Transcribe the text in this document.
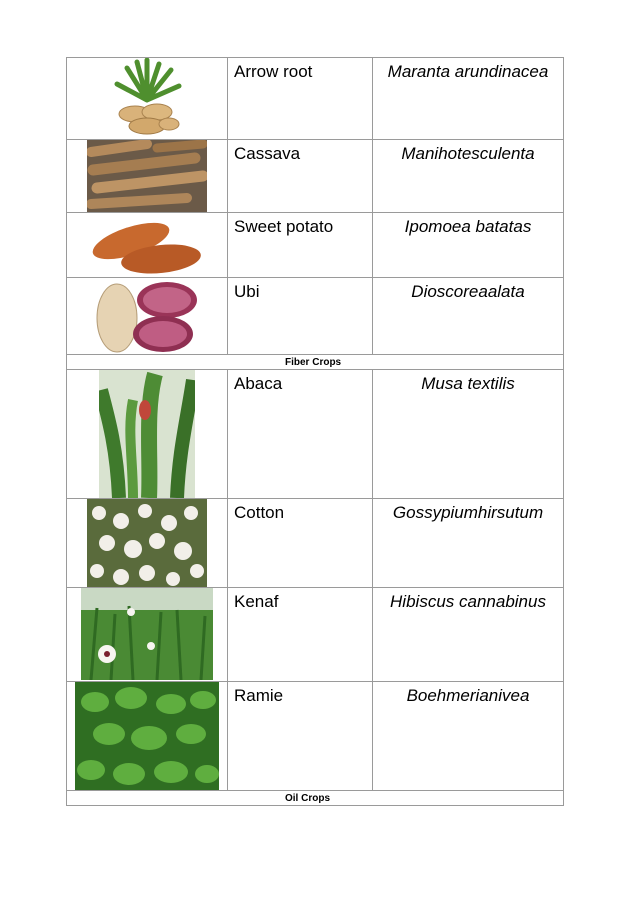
	Arrow root	Maranta arundinacea

	Cassava	Manihotesculenta

	Sweet potato	Ipomoea batatas

	Ubi	Dioscoreaalata
Fiber Crops		

	Abaca	Musa textilis

	Cotton	Gossypiumhirsutum

	Kenaf	Hibiscus cannabinus

	Ramie	Boehmerianivea
Oil Crops		
